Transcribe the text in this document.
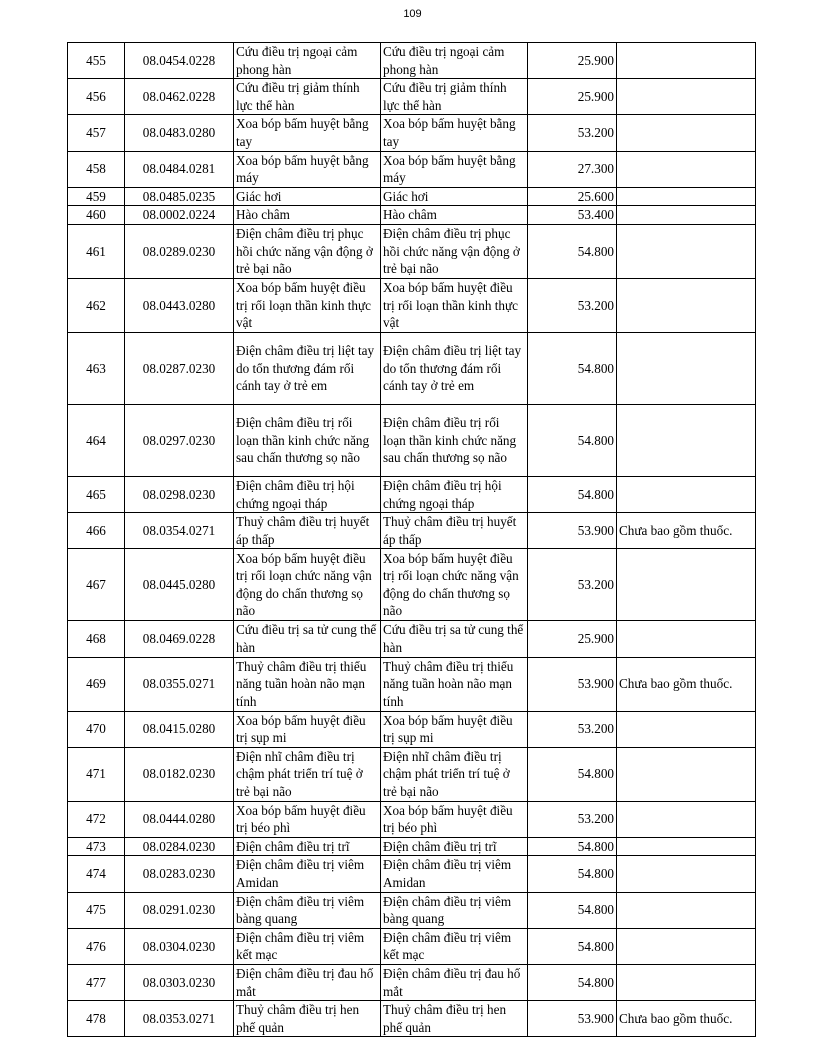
109
455	08.0454.0228	Cứu điều trị ngoại cảm phong hàn	Cứu điều trị ngoại cảm phong hàn	25.900	
456	08.0462.0228	Cứu điều trị giảm thính lực thể hàn	Cứu điều trị giảm thính lực thể hàn	25.900	
457	08.0483.0280	Xoa bóp bấm huyệt bằng tay	Xoa bóp bấm huyệt bằng tay	53.200	
458	08.0484.0281	Xoa bóp bấm huyệt bằng máy	Xoa bóp bấm huyệt bằng máy	27.300	
459	08.0485.0235	Giác hơi	Giác hơi	25.600	
460	08.0002.0224	Hào châm	Hào châm	53.400	
461	08.0289.0230	Điện châm điều trị phục hồi chức năng vận động ở trẻ bại não	Điện châm điều trị phục hồi chức năng vận động ở trẻ bại não	54.800	
462	08.0443.0280	Xoa bóp bấm huyệt điều trị rối loạn thần kinh thực vật	Xoa bóp bấm huyệt điều trị rối loạn thần kinh thực vật	53.200	
463	08.0287.0230	Điện châm điều trị liệt tay do tổn thương đám rối cánh tay ở trẻ em	Điện châm điều trị liệt tay do tổn thương đám rối cánh tay ở trẻ em	54.800	
464	08.0297.0230	Điện châm điều trị rối loạn thần kinh chức năng sau chấn thương sọ não	Điện châm điều trị rối loạn thần kinh chức năng sau chấn thương sọ não	54.800	
465	08.0298.0230	Điện châm điều trị hội chứng ngoại tháp	Điện châm điều trị hội chứng ngoại tháp	54.800	
466	08.0354.0271	Thuỷ châm điều trị huyết áp thấp	Thuỷ châm điều trị huyết áp thấp	53.900	Chưa bao gồm thuốc.
467	08.0445.0280	Xoa bóp bấm huyệt điều trị rối loạn chức năng vận động do chấn thương sọ não	Xoa bóp bấm huyệt điều trị rối loạn chức năng vận động do chấn thương sọ não	53.200	
468	08.0469.0228	Cứu điều trị sa tử cung thể hàn	Cứu điều trị sa tử cung thể hàn	25.900	
469	08.0355.0271	Thuỷ châm điều trị thiểu năng tuần hoàn não mạn tính	Thuỷ châm điều trị thiểu năng tuần hoàn não mạn tính	53.900	Chưa bao gồm thuốc.
470	08.0415.0280	Xoa bóp bấm huyệt điều trị sụp mi	Xoa bóp bấm huyệt điều trị sụp mi	53.200	
471	08.0182.0230	Điện nhĩ châm điều trị chậm phát triển trí tuệ ở trẻ bại não	Điện nhĩ châm điều trị chậm phát triển trí tuệ ở trẻ bại não	54.800	
472	08.0444.0280	Xoa bóp bấm huyệt điều trị béo phì	Xoa bóp bấm huyệt điều trị béo phì	53.200	
473	08.0284.0230	Điện châm điều trị trĩ	Điện châm điều trị trĩ	54.800	
474	08.0283.0230	Điện châm điều trị viêm Amidan	Điện châm điều trị viêm Amidan	54.800	
475	08.0291.0230	Điện châm điều trị viêm bàng quang	Điện châm điều trị viêm bàng quang	54.800	
476	08.0304.0230	Điện châm điều trị viêm kết mạc	Điện châm điều trị viêm kết mạc	54.800	
477	08.0303.0230	Điện châm điều trị đau hố mắt	Điện châm điều trị đau hố mắt	54.800	
478	08.0353.0271	Thuỷ châm điều trị hen phế quản	Thuỷ châm điều trị hen phế quản	53.900	Chưa bao gồm thuốc.
